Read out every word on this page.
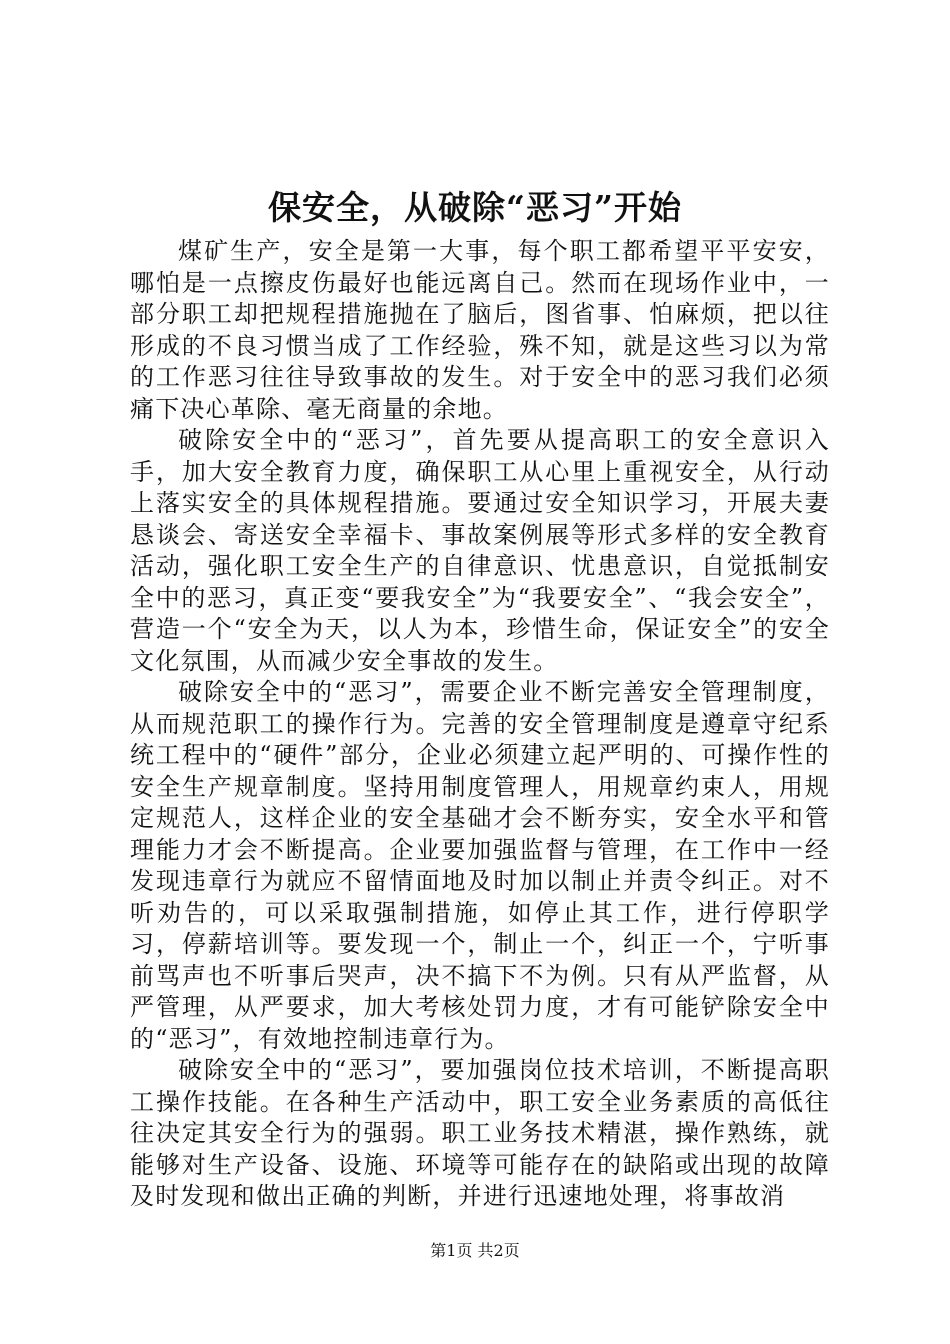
保安全，从破除“恶习”开始

煤矿生产，安全是第一大事，每个职工都希望平平安安，哪怕是一点擦皮伤最好也能远离自己。然而在现场作业中，一部分职工却把规程措施抛在了脑后，图省事、怕麻烦，把以往形成的不良习惯当成了工作经验，殊不知，就是这些习以为常的工作恶习往往导致事故的发生。对于安全中的恶习我们必须痛下决心革除、毫无商量的余地。

破除安全中的“恶习”，首先要从提高职工的安全意识入手，加大安全教育力度，确保职工从心里上重视安全，从行动上落实安全的具体规程措施。要通过安全知识学习，开展夫妻恳谈会、寄送安全幸福卡、事故案例展等形式多样的安全教育活动，强化职工安全生产的自律意识、忧患意识，自觉抵制安全中的恶习，真正变“要我安全”为“我要安全”、“我会安全”，营造一个“安全为天，以人为本，珍惜生命，保证安全”的安全文化氛围，从而减少安全事故的发生。

破除安全中的“恶习”，需要企业不断完善安全管理制度，从而规范职工的操作行为。完善的安全管理制度是遵章守纪系统工程中的“硬件”部分，企业必须建立起严明的、可操作性的安全生产规章制度。坚持用制度管理人，用规章约束人，用规定规范人，这样企业的安全基础才会不断夯实，安全水平和管理能力才会不断提高。企业要加强监督与管理，在工作中一经发现违章行为就应不留情面地及时加以制止并责令纠正。对不听劝告的，可以采取强制措施，如停止其工作，进行停职学习，停薪培训等。要发现一个，制止一个，纠正一个，宁听事前骂声也不听事后哭声，决不搞下不为例。只有从严监督，从严管理，从严要求，加大考核处罚力度，才有可能铲除安全中的“恶习”，有效地控制违章行为。

破除安全中的“恶习”，要加强岗位技术培训，不断提高职工操作技能。在各种生产活动中，职工安全业务素质的高低往往决定其安全行为的强弱。职工业务技术精湛，操作熟练，就能够对生产设备、设施、环境等可能存在的缺陷或出现的故障及时发现和做出正确的判断，并进行迅速地处理，将事故消

第1页 共2页
